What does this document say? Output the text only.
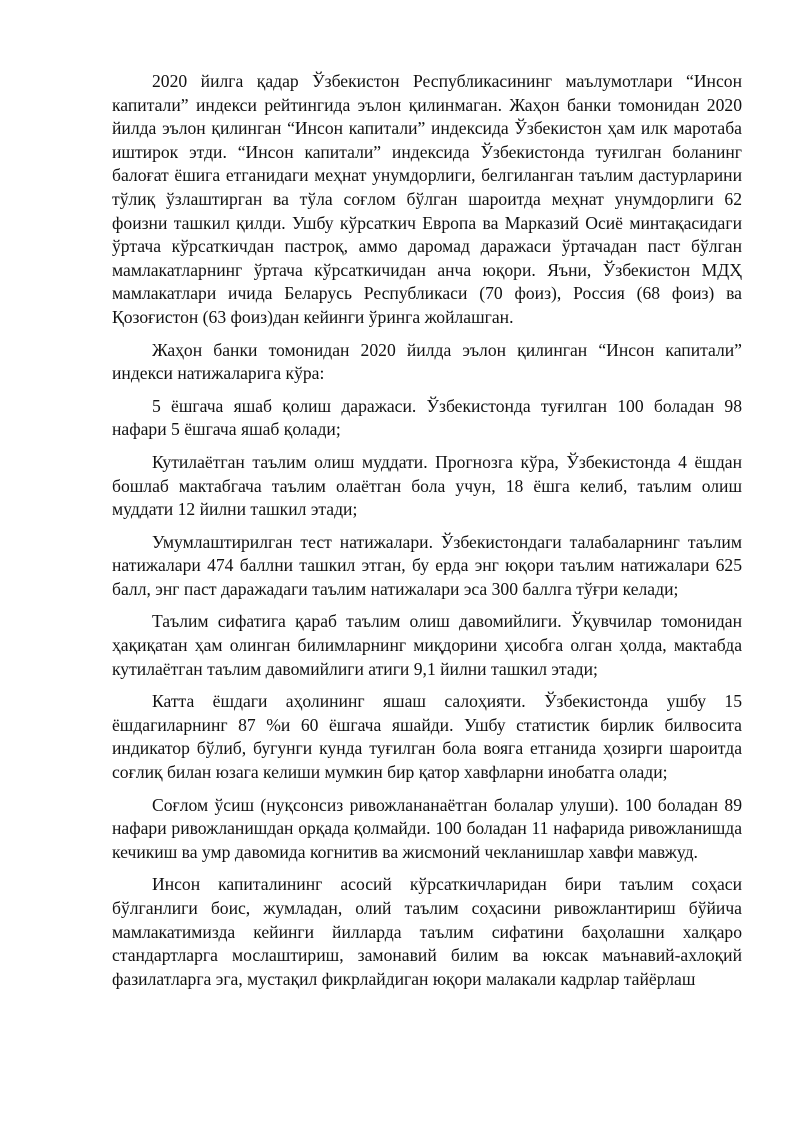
2020 йилга қадар Ўзбекистон Республикасининг маълумотлари “Инсон капитали” индекси рейтингида эълон қилинмаган. Жаҳон банки томонидан 2020 йилда эълон қилинган “Инсон капитали” индексида Ўзбекистон ҳам илк маротаба иштирок этди. “Инсон капитали” индексида Ўзбекистонда туғилган боланинг балоғат ёшига етганидаги меҳнат унумдорлиги, белгиланган таълим дастурларини тўлиқ ўзлаштирган ва тўла соғлом бўлган шароитда меҳнат унумдорлиги 62 фоизни ташкил қилди. Ушбу кўрсаткич Европа ва Марказий Осиё минтақасидаги ўртача кўрсаткичдан пастроқ, аммо даромад даражаси ўртачадан паст бўлган мамлакатларнинг ўртача кўрсаткичидан анча юқори. Яъни, Ўзбекистон МДҲ мамлакатлари ичида Беларусь Республикаси (70 фоиз), Россия (68 фоиз) ва Қозоғистон (63 фоиз)дан кейинги ўринга жойлашган.

Жаҳон банки томонидан 2020 йилда эълон қилинган “Инсон капитали” индекси натижаларига кўра:

5 ёшгача яшаб қолиш даражаси. Ўзбекистонда туғилган 100 боладан 98 нафари 5 ёшгача яшаб қолади;

Кутилаётган таълим олиш муддати. Прогнозга кўра, Ўзбекистонда 4 ёшдан бошлаб мактабгача таълим олаётган бола учун, 18 ёшга келиб, таълим олиш муддати 12 йилни ташкил этади;

Умумлаштирилган тест натижалари. Ўзбекистондаги талабаларнинг таълим натижалари 474 баллни ташкил этган, бу ерда энг юқори таълим натижалари 625 балл, энг паст даражадаги таълим натижалари эса 300 баллга тўғри келади;

Таълим сифатига қараб таълим олиш давомийлиги. Ўқувчилар томонидан ҳақиқатан ҳам олинган билимларнинг миқдорини ҳисобга олган ҳолда, мактабда кутилаётган таълим давомийлиги атиги 9,1 йилни ташкил этади;

Катта ёшдаги аҳолининг яшаш салоҳияти. Ўзбекистонда ушбу 15 ёшдагиларнинг 87 %и 60 ёшгача яшайди. Ушбу статистик бирлик билвосита индикатор бўлиб, бугунги кунда туғилган бола вояга етганида ҳозирги шароитда соғлиқ билан юзага келиши мумкин бир қатор хавфларни инобатга олади;

Соғлом ўсиш (нуқсонсиз ривожлананаётган болалар улуши). 100 боладан 89 нафари ривожланишдан орқада қолмайди. 100 боладан 11 нафарида ривожланишда кечикиш ва умр давомида когнитив ва жисмоний чекланишлар хавфи мавжуд.

Инсон капиталининг асосий кўрсаткичларидан бири таълим соҳаси бўлганлиги боис, жумладан, олий таълим соҳасини ривожлантириш бўйича мамлакатимизда кейинги йилларда таълим сифатини баҳолашни халқаро стандартларга мослаштириш, замонавий билим ва юксак маънавий-ахлоқий фазилатларга эга, мустақил фикрлайдиган юқори малакали кадрлар тайёрлаш
